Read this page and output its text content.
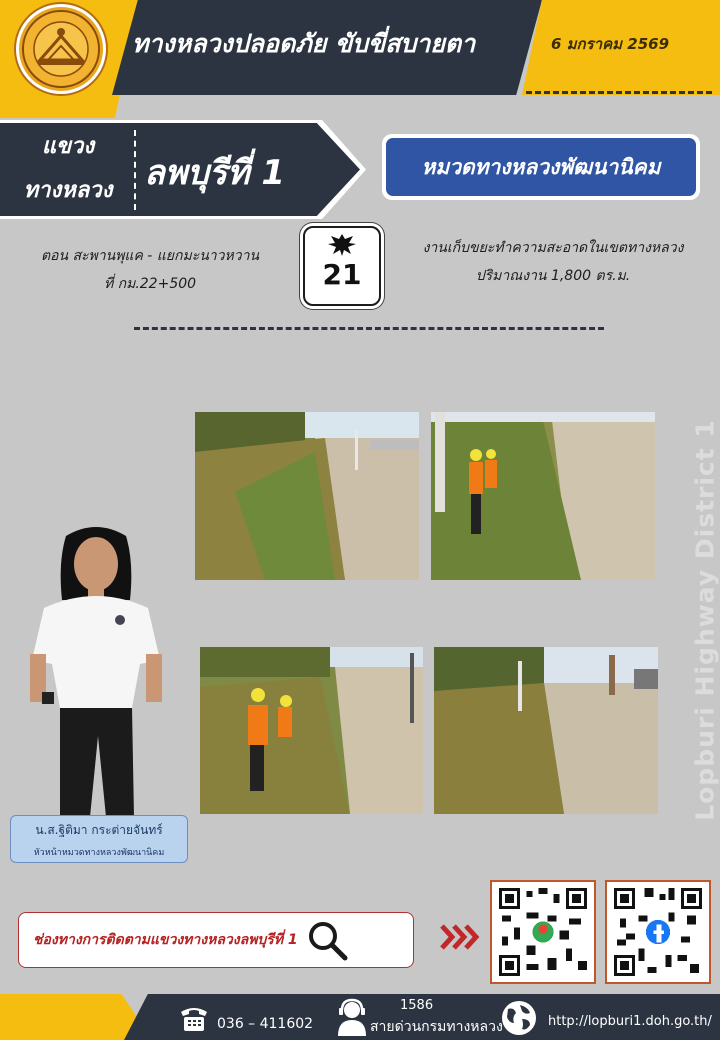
ทางหลวงปลอดภัย ขับขี่สบายตา	6 มกราคม 2569
แขวง
ทางหลวง ลพบุรีที่ 1	หมวดทางหลวงพัฒนานิคม
ตอน สะพานพุแค - แยกมะนาวหวาน
ที่ กม.22+500	21
งานเก็บขยะทำความสะอาดในเขตทางหลวง
ปริมาณงาน 1,800 ตร.ม.
Lopburi Highway District 1
น.ส.ฐิติมา กระต่ายจันทร์
หัวหน้าหมวดทางหลวงพัฒนานิคม
ช่องทางการติดตามแขวงทางหลวงลพบุรีที่ 1
036 – 411602
1586
สายด่วนกรมทางหลวง	http://lopburi1.doh.go.th/
